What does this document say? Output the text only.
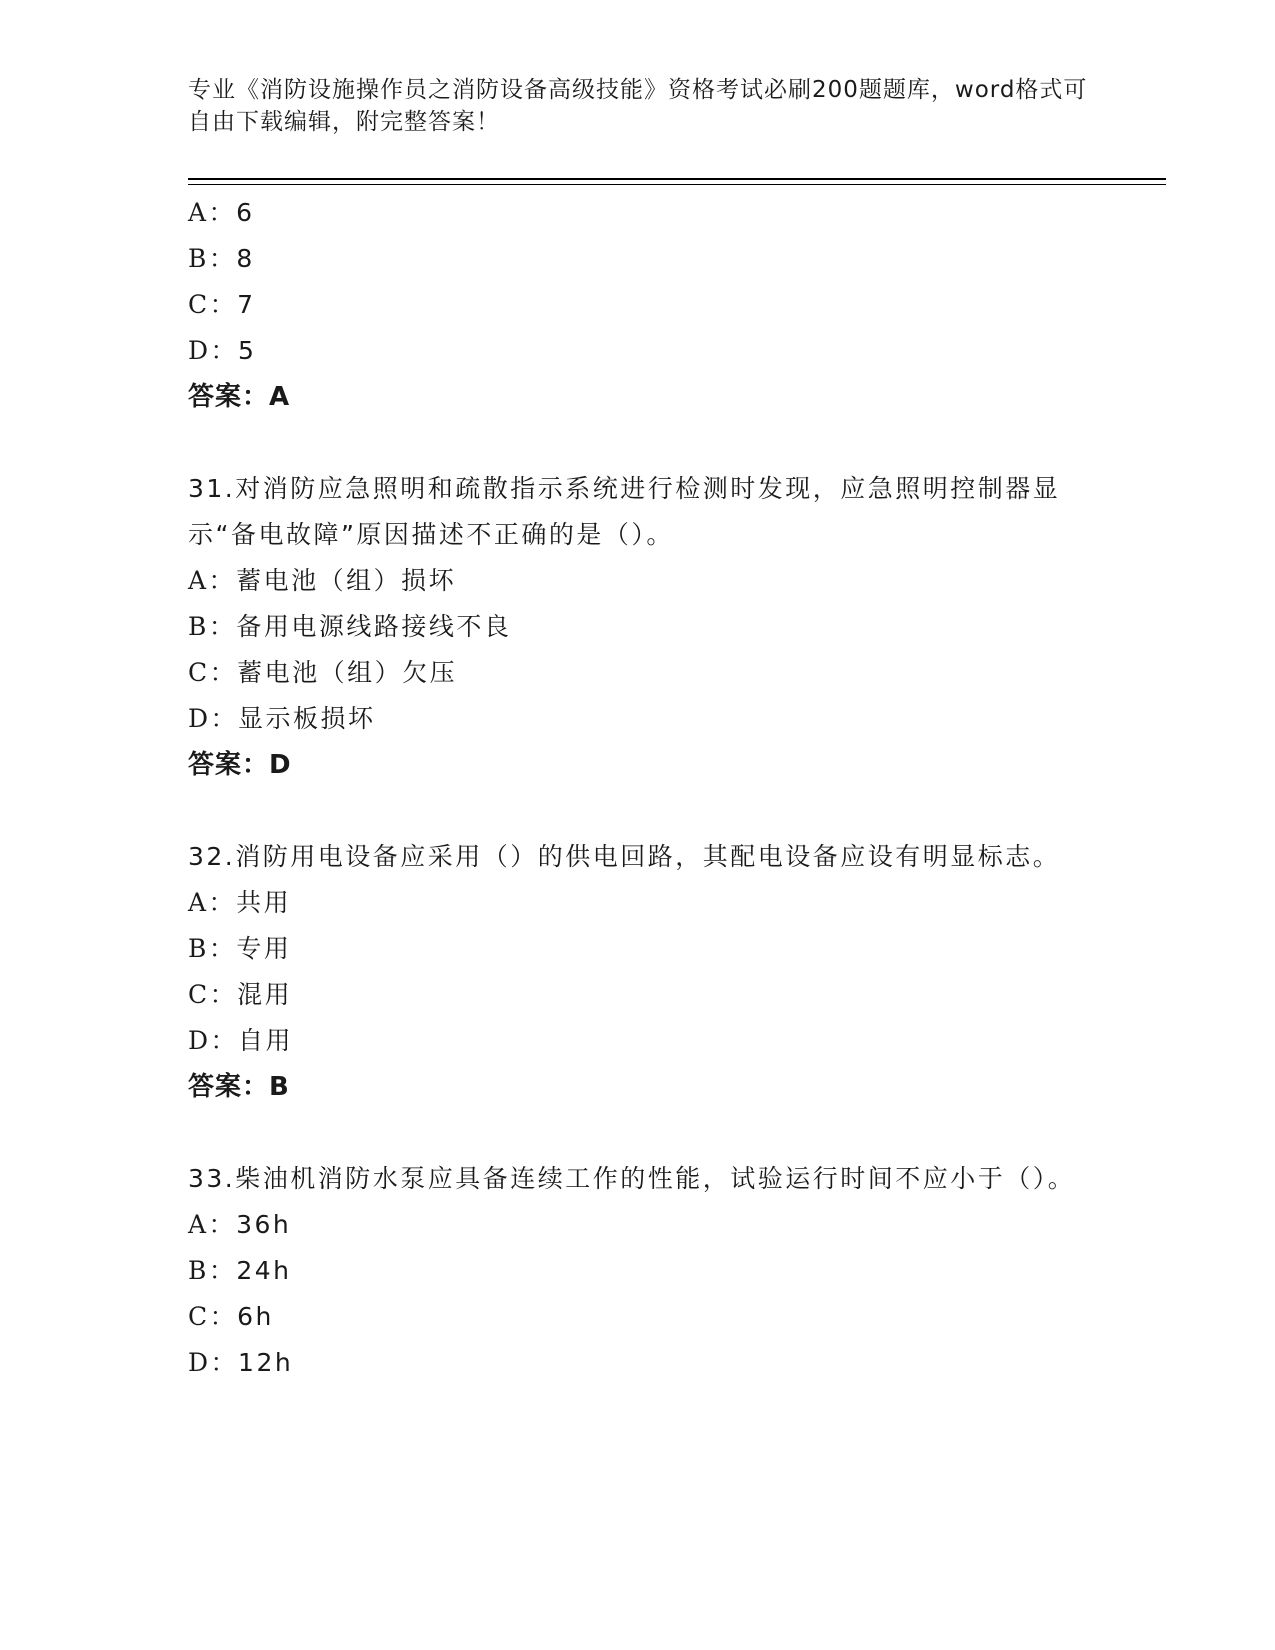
专业《消防设施操作员之消防设备高级技能》资格考试必刷200题题库，word格式可自由下载编辑，附完整答案！
A：6
B：8
C：7
D：5
答案：A
31.对消防应急照明和疏散指示系统进行检测时发现，应急照明控制器显示“备电故障”原因描述不正确的是（）。
A：蓄电池（组）损坏
B：备用电源线路接线不良
C：蓄电池（组）欠压
D：显示板损坏
答案：D
32.消防用电设备应采用（）的供电回路，其配电设备应设有明显标志。
A：共用
B：专用
C：混用
D：自用
答案：B
33.柴油机消防水泵应具备连续工作的性能，试验运行时间不应小于（）。
A：36h
B：24h
C：6h
D：12h
